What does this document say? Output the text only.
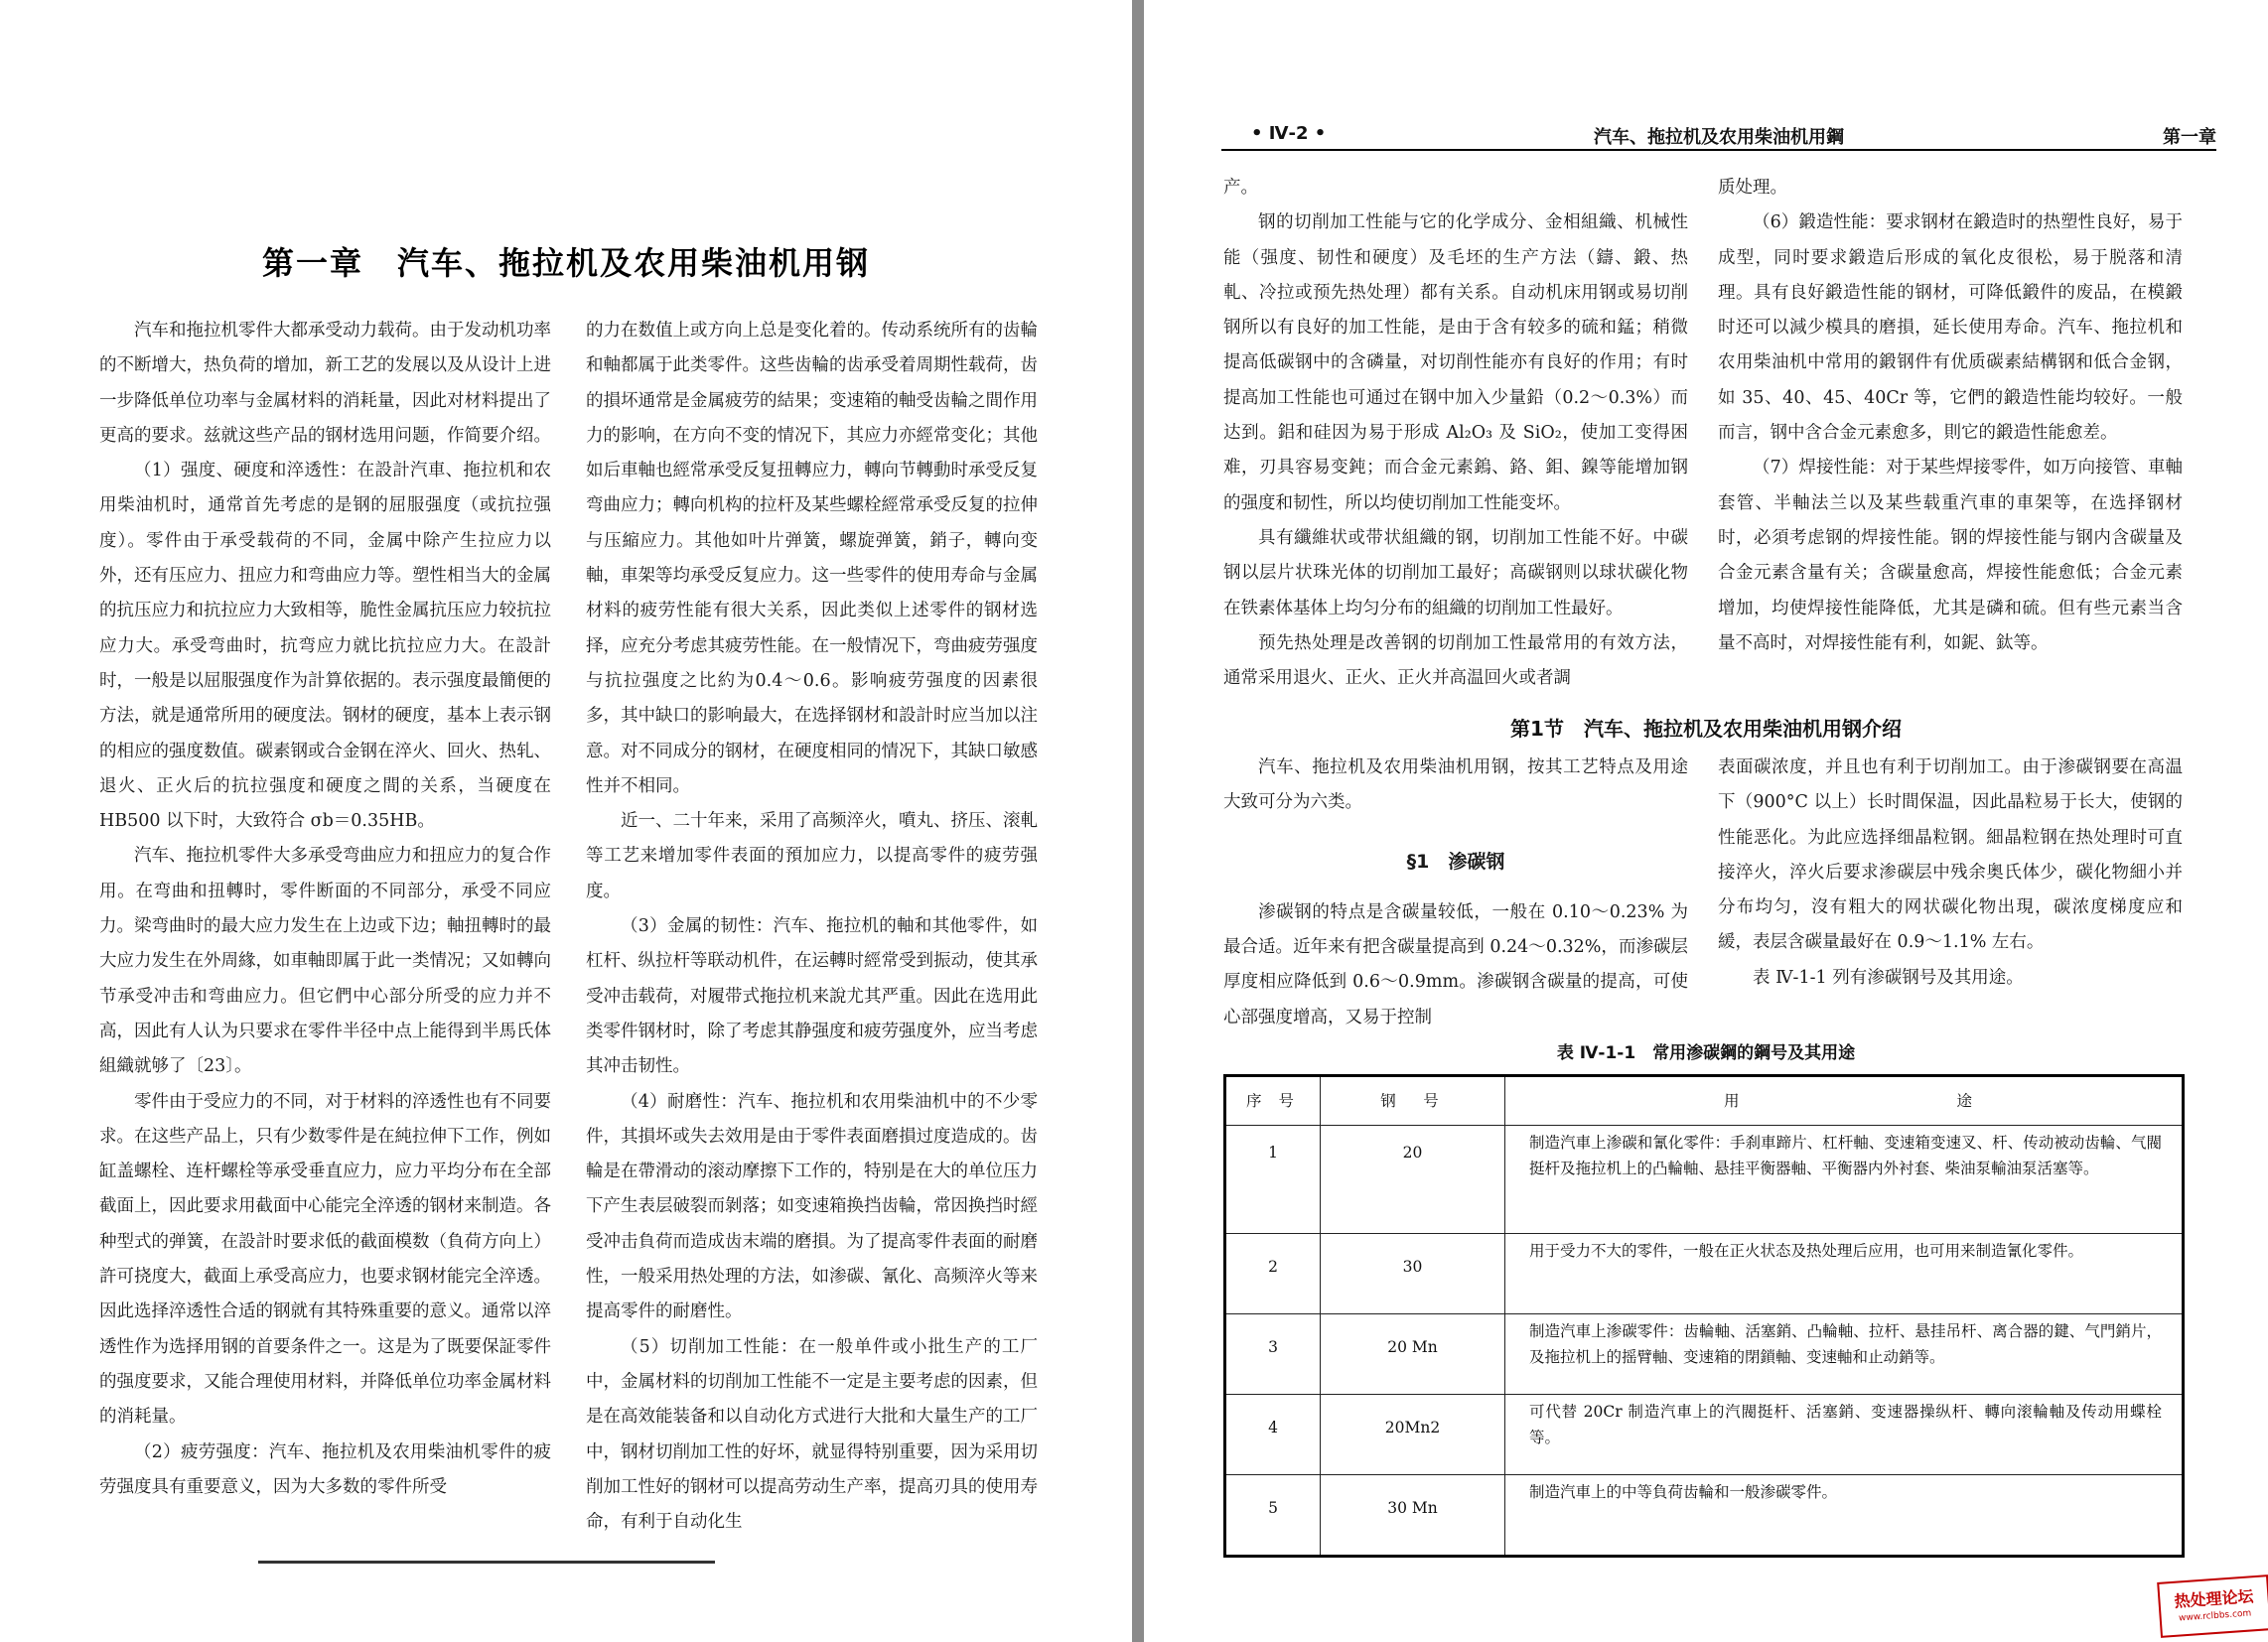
第一章　汽车、拖拉机及农用柴油机用钢

汽车和拖拉机零件大都承受动力载荷。由于发动机功率的不断增大，热负荷的增加，新工艺的发展以及从设计上进一步降低单位功率与金属材料的消耗量，因此对材料提出了更高的要求。兹就这些产品的钢材选用问题，作简要介绍。

（1）强度、硬度和淬透性：在設計汽車、拖拉机和农用柴油机时，通常首先考虑的是钢的屈服强度（或抗拉强度）。零件由于承受载荷的不同，金属中除产生拉应力以外，还有压应力、扭应力和弯曲应力等。塑性相当大的金属的抗压应力和抗拉应力大致相等，脆性金属抗压应力较抗拉应力大。承受弯曲时，抗弯应力就比抗拉应力大。在設計时，一般是以屈服强度作为計算依据的。表示强度最簡便的方法，就是通常所用的硬度法。钢材的硬度，基本上表示钢的相应的强度数值。碳素钢或合金钢在淬火、回火、热轧、退火、正火后的抗拉强度和硬度之間的关系，当硬度在 HB500 以下时，大致符合 σb＝0.35HB。

汽车、拖拉机零件大多承受弯曲应力和扭应力的复合作用。在弯曲和扭轉时，零件断面的不同部分，承受不同应力。梁弯曲时的最大应力发生在上边或下边；軸扭轉时的最大应力发生在外周緣，如車軸即属于此一类情况；又如轉向节承受冲击和弯曲应力。但它們中心部分所受的应力并不高，因此有人认为只要求在零件半径中点上能得到半馬氏体組織就够了〔23〕。

零件由于受应力的不同，对于材料的淬透性也有不同要求。在这些产品上，只有少数零件是在純拉伸下工作，例如缸盖螺栓、连杆螺栓等承受垂直应力，应力平均分布在全部截面上，因此要求用截面中心能完全淬透的钢材来制造。各种型式的弹簧，在設計时要求低的截面模数（負荷方向上）許可挠度大，截面上承受高应力，也要求钢材能完全淬透。因此选择淬透性合适的钢就有其特殊重要的意义。通常以淬透性作为选择用钢的首要条件之一。这是为了既要保証零件的强度要求，又能合理使用材料，并降低单位功率金属材料的消耗量。

（2）疲劳强度：汽车、拖拉机及农用柴油机零件的疲劳强度具有重要意义，因为大多数的零件所受

的力在数值上或方向上总是变化着的。传动系统所有的齿輪和軸都属于此类零件。这些齿輪的齿承受着周期性载荷，齿的損坏通常是金属疲劳的結果；变速箱的軸受齿輪之間作用力的影响，在方向不变的情况下，其应力亦經常变化；其他如后車軸也經常承受反复扭轉应力，轉向节轉動时承受反复弯曲应力；轉向机构的拉杆及某些螺栓經常承受反复的拉伸与压縮应力。其他如叶片弹簧，螺旋弹簧，銷子，轉向变軸，車架等均承受反复应力。这一些零件的使用寿命与金属材料的疲劳性能有很大关系，因此类似上述零件的钢材选择，应充分考虑其疲劳性能。在一般情况下，弯曲疲劳强度与抗拉强度之比約为0.4～0.6。影响疲劳强度的因素很多，其中缺口的影响最大，在选择钢材和設計时应当加以注意。对不同成分的钢材，在硬度相同的情况下，其缺口敏感性并不相同。

近一、二十年来，采用了高频淬火，噴丸、挤压、滚軋等工艺来增加零件表面的預加应力，以提高零件的疲劳强度。

（3）金属的韧性：汽车、拖拉机的軸和其他零件，如杠杆、纵拉杆等联动机件，在运轉时經常受到振动，使其承受冲击载荷，对履带式拖拉机来說尤其严重。因此在选用此类零件钢材时，除了考虑其静强度和疲劳强度外，应当考虑其冲击韧性。

（4）耐磨性：汽车、拖拉机和农用柴油机中的不少零件，其損坏或失去效用是由于零件表面磨損过度造成的。齿輪是在帶滑动的滚动摩擦下工作的，特别是在大的单位压力下产生表层破裂而剝落；如变速箱换挡齿輪，常因换挡时經受冲击負荷而造成齿末端的磨損。为了提高零件表面的耐磨性，一般采用热处理的方法，如渗碳、氰化、高频淬火等来提高零件的耐磨性。

（5）切削加工性能：在一般单件或小批生产的工厂中，金属材料的切削加工性能不一定是主要考虑的因素，但是在高效能装备和以自动化方式进行大批和大量生产的工厂中，钢材切削加工性的好坏，就显得特别重要，因为采用切削加工性好的钢材可以提高劳动生产率，提高刃具的使用寿命，有利于自动化生

• Ⅳ-2 •	汽车、拖拉机及农用柴油机用鋼	第一章

产。

钢的切削加工性能与它的化学成分、金相組織、机械性能（强度、韧性和硬度）及毛坯的生产方法（鑄、鍛、热軋、冷拉或预先热处理）都有关系。自动机床用钢或易切削钢所以有良好的加工性能，是由于含有较多的硫和錳；稍微提高低碳钢中的含磷量，对切削性能亦有良好的作用；有时提高加工性能也可通过在钢中加入少量鉛（0.2～0.3%）而达到。鋁和硅因为易于形成 Al₂O₃ 及 SiO₂，使加工变得困难，刃具容易变鈍；而合金元素鎢、鉻、鉬、鎳等能增加钢的强度和韧性，所以均使切削加工性能变坏。

具有纖維状或带状組織的钢，切削加工性能不好。中碳钢以层片状珠光体的切削加工最好；高碳钢则以球状碳化物在铁素体基体上均匀分布的組織的切削加工性最好。

预先热处理是改善钢的切削加工性最常用的有效方法，通常采用退火、正火、正火并高温回火或者調

质处理。

（6）鍛造性能：要求钢材在鍛造时的热塑性良好，易于成型，同时要求鍛造后形成的氧化皮很松，易于脱落和清理。具有良好鍛造性能的钢材，可降低鍛件的废品，在模鍛时还可以減少模具的磨損，延长使用寿命。汽车、拖拉机和农用柴油机中常用的鍛钢件有优质碳素結構钢和低合金钢，如 35、40、45、40Cr 等，它們的鍛造性能均较好。一般而言，钢中含合金元素愈多，則它的鍛造性能愈差。

（7）焊接性能：对于某些焊接零件，如万向接管、車軸套管、半軸法兰以及某些载重汽車的車架等，在选择钢材时，必須考虑钢的焊接性能。钢的焊接性能与钢内含碳量及合金元素含量有关；含碳量愈高，焊接性能愈低；合金元素增加，均使焊接性能降低，尤其是磷和硫。但有些元素当含量不高时，对焊接性能有利，如鈮、鈦等。

第1节　汽车、拖拉机及农用柴油机用钢介绍

汽车、拖拉机及农用柴油机用钢，按其工艺特点及用途大致可分为六类。

§1　渗碳钢

渗碳钢的特点是含碳量较低，一般在 0.10～0.23% 为最合适。近年来有把含碳量提高到 0.24～0.32%，而渗碳层厚度相应降低到 0.6～0.9mm。渗碳钢含碳量的提高，可使心部强度增高，又易于控制

表面碳浓度，并且也有利于切削加工。由于渗碳钢要在高温下（900°C 以上）长时間保温，因此晶粒易于长大，使钢的性能恶化。为此应选择细晶粒钢。細晶粒钢在热处理时可直接淬火，淬火后要求渗碳层中残余奥氏体少，碳化物細小并分布均匀，沒有粗大的网状碳化物出現，碳浓度梯度应和緩，表层含碳量最好在 0.9～1.1% 左右。

表 Ⅳ-1-1 列有渗碳钢号及其用途。

表 Ⅳ-1-1　常用渗碳鋼的鋼号及其用途
序 号	钢　号	用	途
1	20	制造汽車上渗碳和氰化零件：手刹車蹄片、杠杆軸、变速箱变速叉、杆、传动被动齿輪、气閥挺杆及拖拉机上的凸輪軸、悬挂平衡器軸、平衡器内外衬套、柴油泵輸油泵活塞等。	
2	30	用于受力不大的零件，一般在正火状态及热处理后应用，也可用来制造氰化零件。	
3	20 Mn	制造汽車上渗碳零件：齿輪軸、活塞銷、凸輪軸、拉杆、悬挂吊杆、离合器的鍵、气門銷片，及拖拉机上的摇臂軸、变速箱的閉鎖軸、变速軸和止动銷等。	
4	20Mn2	可代替 20Cr 制造汽車上的汽閥挺杆、活塞銷、变速器操纵杆、轉向滚輪軸及传动用蝶栓等。	
5	30 Mn	制造汽車上的中等負荷齿輪和一般渗碳零件。	
热处理论坛
www.rclbbs.com
